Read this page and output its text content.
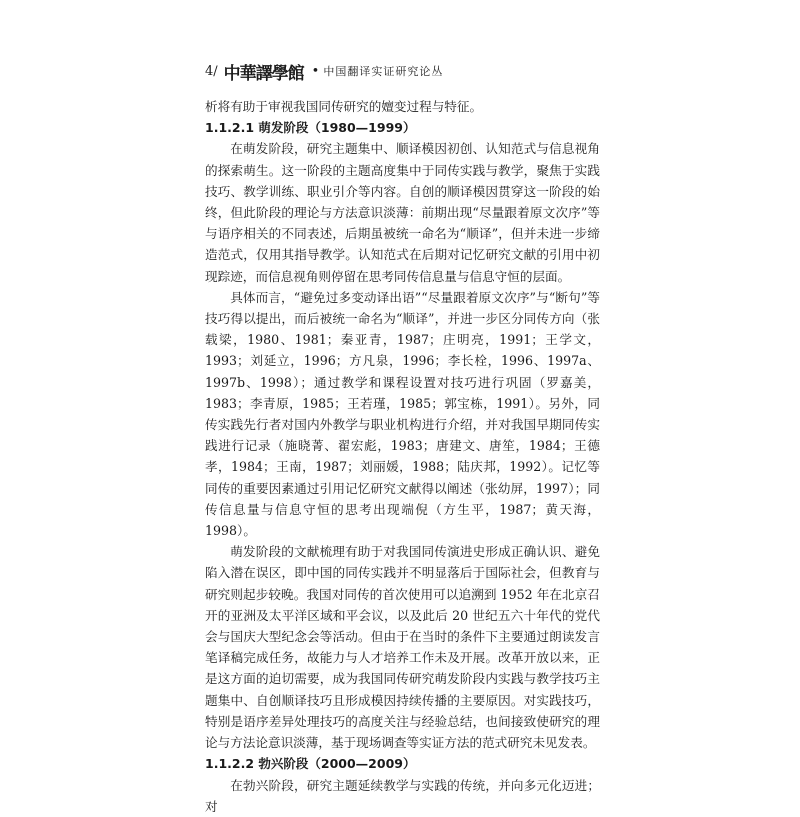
4/ 中華譯學館 • 中国翻译实证研究论丛

析将有助于审视我国同传研究的嬗变过程与特征。

1.1.2.1 萌发阶段（1980—1999）

在萌发阶段，研究主题集中、顺译模因初创、认知范式与信息视角的探索萌生。这一阶段的主题高度集中于同传实践与教学，聚焦于实践技巧、教学训练、职业引介等内容。自创的顺译模因贯穿这一阶段的始终，但此阶段的理论与方法意识淡薄：前期出现“尽量跟着原文次序”等与语序相关的不同表述，后期虽被统一命名为“顺译”，但并未进一步缔造范式，仅用其指导教学。认知范式在后期对记忆研究文献的引用中初现踪迹，而信息视角则停留在思考同传信息量与信息守恒的层面。

具体而言，“避免过多变动译出语”“尽量跟着原文次序”与“断句”等技巧得以提出，而后被统一命名为“顺译”，并进一步区分同传方向（张载梁，1980、1981；秦亚青，1987；庄明亮，1991；王学文，1993；刘延立，1996；方凡泉，1996；李长栓，1996、1997a、1997b、1998）；通过教学和课程设置对技巧进行巩固（罗嘉美，1983；李青原，1985；王若瑾，1985；郭宝栋，1991）。另外，同传实践先行者对国内外教学与职业机构进行介绍，并对我国早期同传实践进行记录（施晓菁、翟宏彪，1983；唐建文、唐笙，1984；王德孝，1984；王南，1987；刘丽媛，1988；陆庆邦，1992）。记忆等同传的重要因素通过引用记忆研究文献得以阐述（张幼屏，1997）；同传信息量与信息守恒的思考出现端倪（方生平，1987；黄天海，1998）。

萌发阶段的文献梳理有助于对我国同传演进史形成正确认识、避免陷入潜在误区，即中国的同传实践并不明显落后于国际社会，但教育与研究则起步较晚。我国对同传的首次使用可以追溯到 1952 年在北京召开的亚洲及太平洋区域和平会议，以及此后 20 世纪五六十年代的党代会与国庆大型纪念会等活动。但由于在当时的条件下主要通过朗读发言笔译稿完成任务，故能力与人才培养工作未及开展。改革开放以来，正是这方面的迫切需要，成为我国同传研究萌发阶段内实践与教学技巧主题集中、自创顺译技巧且形成模因持续传播的主要原因。对实践技巧，特别是语序差异处理技巧的高度关注与经验总结，也间接致使研究的理论与方法论意识淡薄，基于现场调查等实证方法的范式研究未见发表。

1.1.2.2 勃兴阶段（2000—2009）

在勃兴阶段，研究主题延续教学与实践的传统，并向多元化迈进；对
